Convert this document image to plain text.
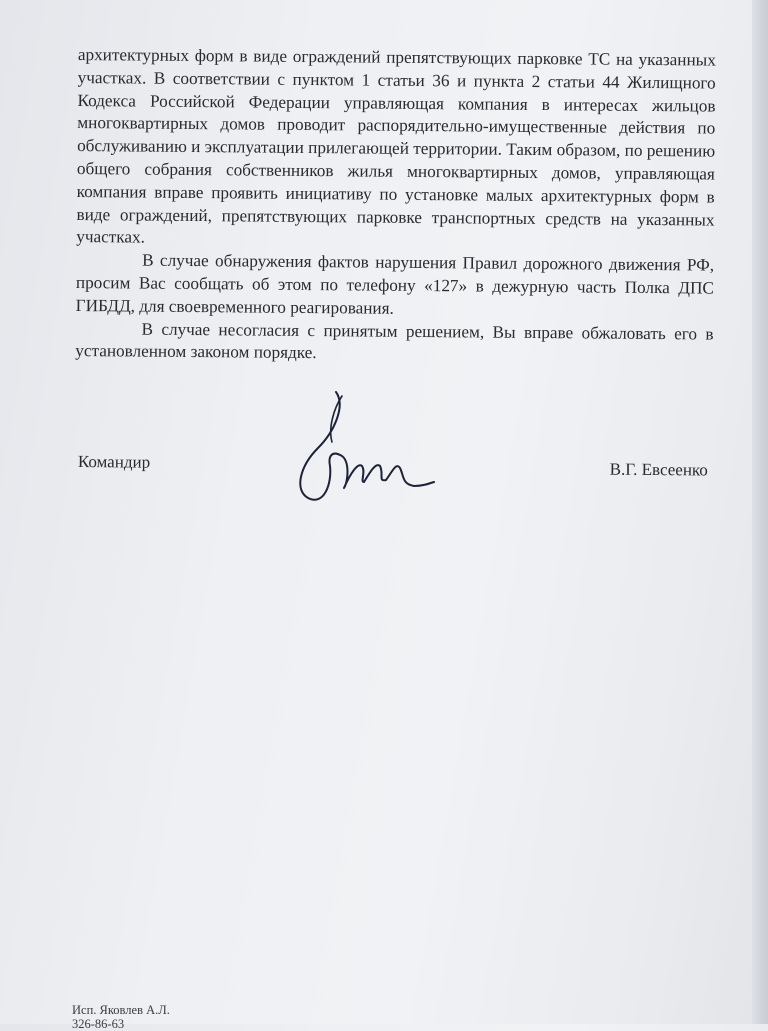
архитектурных форм в виде ограждений препятствующих парковке ТС на указанных участках. В соответствии с пунктом 1 статьи 36 и пункта 2 статьи 44 Жилищного Кодекса Российской Федерации управляющая компания в интересах жильцов многоквартирных домов проводит распорядительно-имущественные действия по обслуживанию и эксплуатации прилегающей территории. Таким образом, по решению общего собрания собственников жилья многоквартирных домов, управляющая компания вправе проявить инициативу по установке малых архитектурных форм в виде ограждений, препятствующих парковке транспортных средств на указанных участках.

В случае обнаружения фактов нарушения Правил дорожного движения РФ, просим Вас сообщать об этом по телефону «127» в дежурную часть Полка ДПС ГИБДД, для своевременного реагирования.

В случае несогласия с принятым решением, Вы вправе обжаловать его в установленном законом порядке.

Командир	В.Г. Евсеенко
Исп. Яковлев А.Л.
326-86-63
